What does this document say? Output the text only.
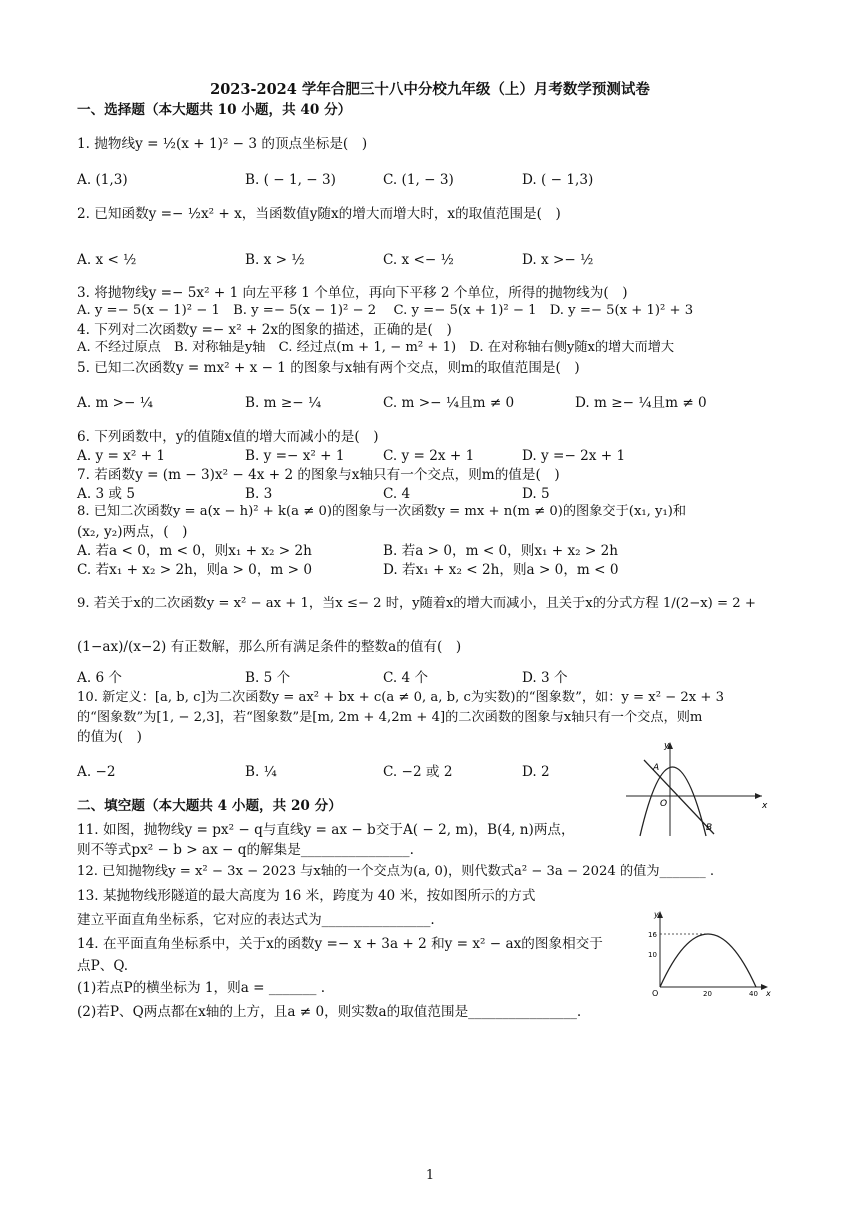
2023-2024 学年合肥三十八中分校九年级（上）月考数学预测试卷
一、选择题（本大题共 10 小题，共 40 分）
1. 抛物线y = ½(x + 1)² − 3 的顶点坐标是(　)
A. (1,3)	B. ( − 1, − 3)	C. (1, − 3)	D. ( − 1,3)
2. 已知函数y =− ½x² + x，当函数值y随x的增大而增大时，x的取值范围是(　)
A. x < ½	B. x > ½	C. x <− ½	D. x >− ½
3. 将抛物线y =− 5x² + 1 向左平移 1 个单位，再向下平移 2 个单位，所得的抛物线为(　)
A. y =− 5(x − 1)² − 1　B. y =− 5(x − 1)² − 2　 C. y =− 5(x + 1)² − 1　D. y =− 5(x + 1)² + 3
4. 下列对二次函数y =− x² + 2x的图象的描述，正确的是(　)
A. 不经过原点　B. 对称轴是y轴　C. 经过点(m + 1, − m² + 1)　D. 在对称轴右侧y随x的增大而增大
5. 已知二次函数y = mx² + x − 1 的图象与x轴有两个交点，则m的取值范围是(　)
A. m >− ¼	B. m ≥− ¼	C. m >− ¼且m ≠ 0	D. m ≥− ¼且m ≠ 0
6. 下列函数中，y的值随x值的增大而减小的是(　)
A. y = x² + 1	B. y =− x² + 1	C. y = 2x + 1	D. y =− 2x + 1
7. 若函数y = (m − 3)x² − 4x + 2 的图象与x轴只有一个交点，则m的值是(　)
A. 3 或 5	B. 3	C. 4	D. 5
8. 已知二次函数y = a(x − h)² + k(a ≠ 0)的图象与一次函数y = mx + n(m ≠ 0)的图象交于(x₁, y₁)和
(x₂, y₂)两点，(　)
A. 若a < 0，m < 0，则x₁ + x₂ > 2h	B. 若a > 0，m < 0，则x₁ + x₂ > 2h
C. 若x₁ + x₂ > 2h，则a > 0，m > 0	D. 若x₁ + x₂ < 2h，则a > 0，m < 0
9. 若关于x的二次函数y = x² − ax + 1，当x ≤− 2 时，y随着x的增大而减小，且关于x的分式方程 1/(2−x) = 2 +
(1−ax)/(x−2) 有正数解，那么所有满足条件的整数a的值有(　)
A. 6 个	B. 5 个	C. 4 个	D. 3 个
10. 新定义：[a, b, c]为二次函数y = ax² + bx + c(a ≠ 0, a, b, c为实数)的“图象数”，如：y = x² − 2x + 3
的“图象数”为[1, − 2,3]，若“图象数”是[m, 2m + 4,2m + 4]的二次函数的图象与x轴只有一个交点，则m
的值为(　)
A. −2	B. ¼	C. −2 或 2	D. 2
二、填空题（本大题共 4 小题，共 20 分）
11. 如图，抛物线y = px² − q与直线y = ax − b交于A( − 2, m)，B(4, n)两点，
则不等式px² − b > ax − q的解集是________________.
12. 已知抛物线y = x² − 3x − 2023 与x轴的一个交点为(a, 0)，则代数式a² − 3a − 2024 的值为_______ .
13. 某抛物线形隧道的最大高度为 16 米，跨度为 40 米，按如图所示的方式
建立平面直角坐标系，它对应的表达式为________________.
14. 在平面直角坐标系中，关于x的函数y =− x + 3a + 2 和y = x² − ax的图象相交于
点P、Q.
(1)若点P的横坐标为 1，则a = _______ .
(2)若P、Q两点都在x轴的上方，且a ≠ 0，则实数a的取值范围是________________.
y
x
O
A
B
y
x
O
16
10
20	40
1
